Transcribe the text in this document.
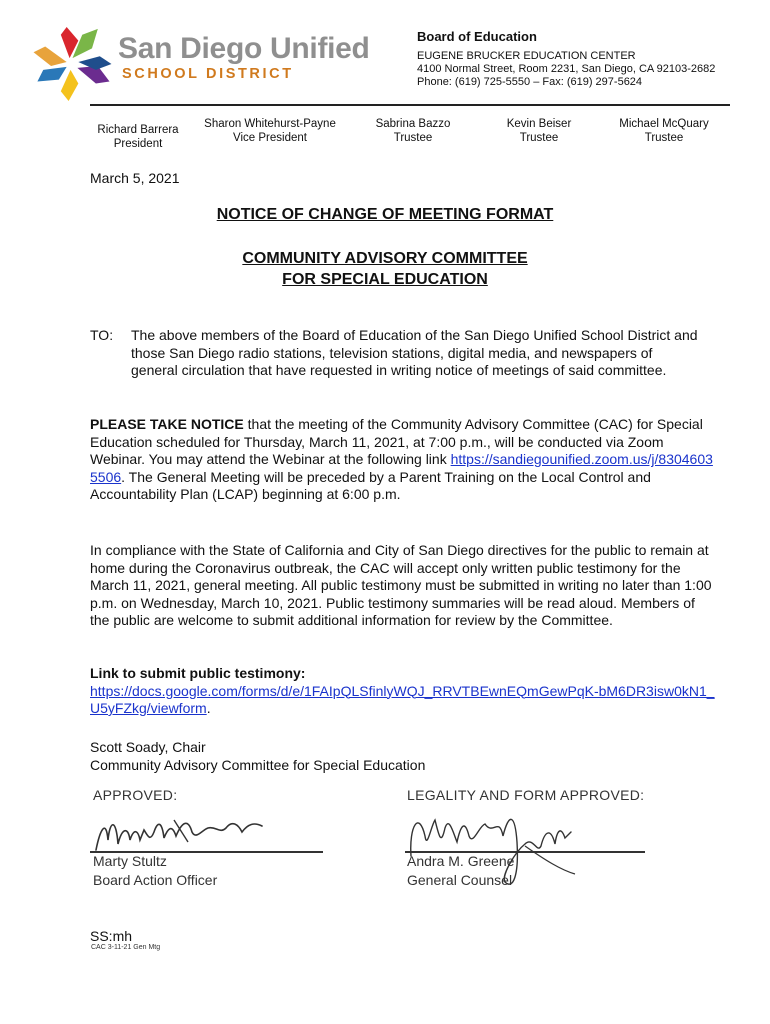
San Diego Unified
SCHOOL DISTRICT
Board of Education
EUGENE BRUCKER EDUCATION CENTER
4100 Normal Street, Room 2231, San Diego, CA 92103-2682
Phone: (619) 725-5550 – Fax: (619) 297-5624
Richard Barrera
President
Sharon Whitehurst-Payne
Vice President
Sabrina Bazzo
Trustee
Kevin Beiser
Trustee
Michael McQuary
Trustee
March 5, 2021
NOTICE OF CHANGE OF MEETING FORMAT
COMMUNITY ADVISORY COMMITTEE
FOR SPECIAL EDUCATION
TO: The above members of the Board of Education of the San Diego Unified School District and those San Diego radio stations, television stations, digital media, and newspapers of general circulation that have requested in writing notice of meetings of said committee.
PLEASE TAKE NOTICE that the meeting of the Community Advisory Committee (CAC) for Special Education scheduled for Thursday, March 11, 2021, at 7:00 p.m., will be conducted via Zoom Webinar. You may attend the Webinar at the following link https://sandiegounified.zoom.us/j/83046035506. The General Meeting will be preceded by a Parent Training on the Local Control and Accountability Plan (LCAP) beginning at 6:00 p.m.
In compliance with the State of California and City of San Diego directives for the public to remain at home during the Coronavirus outbreak, the CAC will accept only written public testimony for the March 11, 2021, general meeting. All public testimony must be submitted in writing no later than 1:00 p.m. on Wednesday, March 10, 2021. Public testimony summaries will be read aloud. Members of the public are welcome to submit additional information for review by the Committee.
Link to submit public testimony:
https://docs.google.com/forms/d/e/1FAIpQLSfinlyWQJ_RRVTBEwnEQmGewPqK-bM6DR3isw0kN1_U5yFZkg/viewform.
Scott Soady, Chair
Community Advisory Committee for Special Education
APPROVED:
Marty Stultz
Board Action Officer
LEGALITY AND FORM APPROVED:
Andra M. Greene
General Counsel
SS:mh
CAC 3-11-21 Gen Mtg
